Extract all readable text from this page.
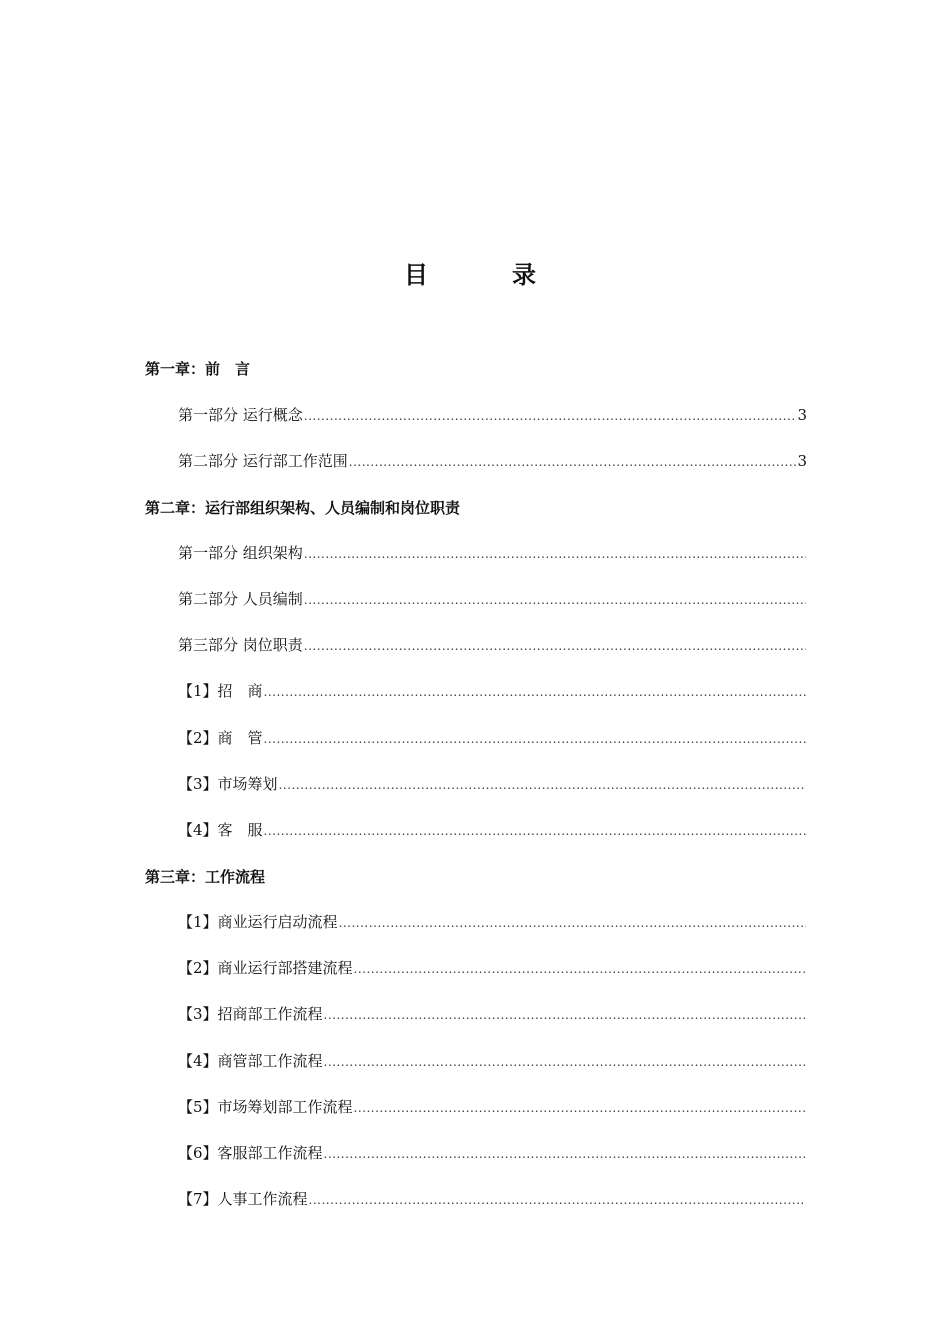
目　录
第一章：前　言
第一部分 运行概念 .....	3
第二部分 运行部工作范围 .....	3
第二章：运行部组织架构、人员编制和岗位职责
第一部分 组织架构
.....
第二部分 人员编制
.....
第三部分 岗位职责
.....
【1】招　商
.....
【2】商　管
.....
【3】市场筹划
.....
【4】客　服
.....
第三章：工作流程
【1】商业运行启动流程
.....
【2】商业运行部搭建流程
.....
【3】招商部工作流程
.....
【4】商管部工作流程
.....
【5】市场筹划部工作流程
.....
【6】客服部工作流程
.....
【7】人事工作流程
.....
